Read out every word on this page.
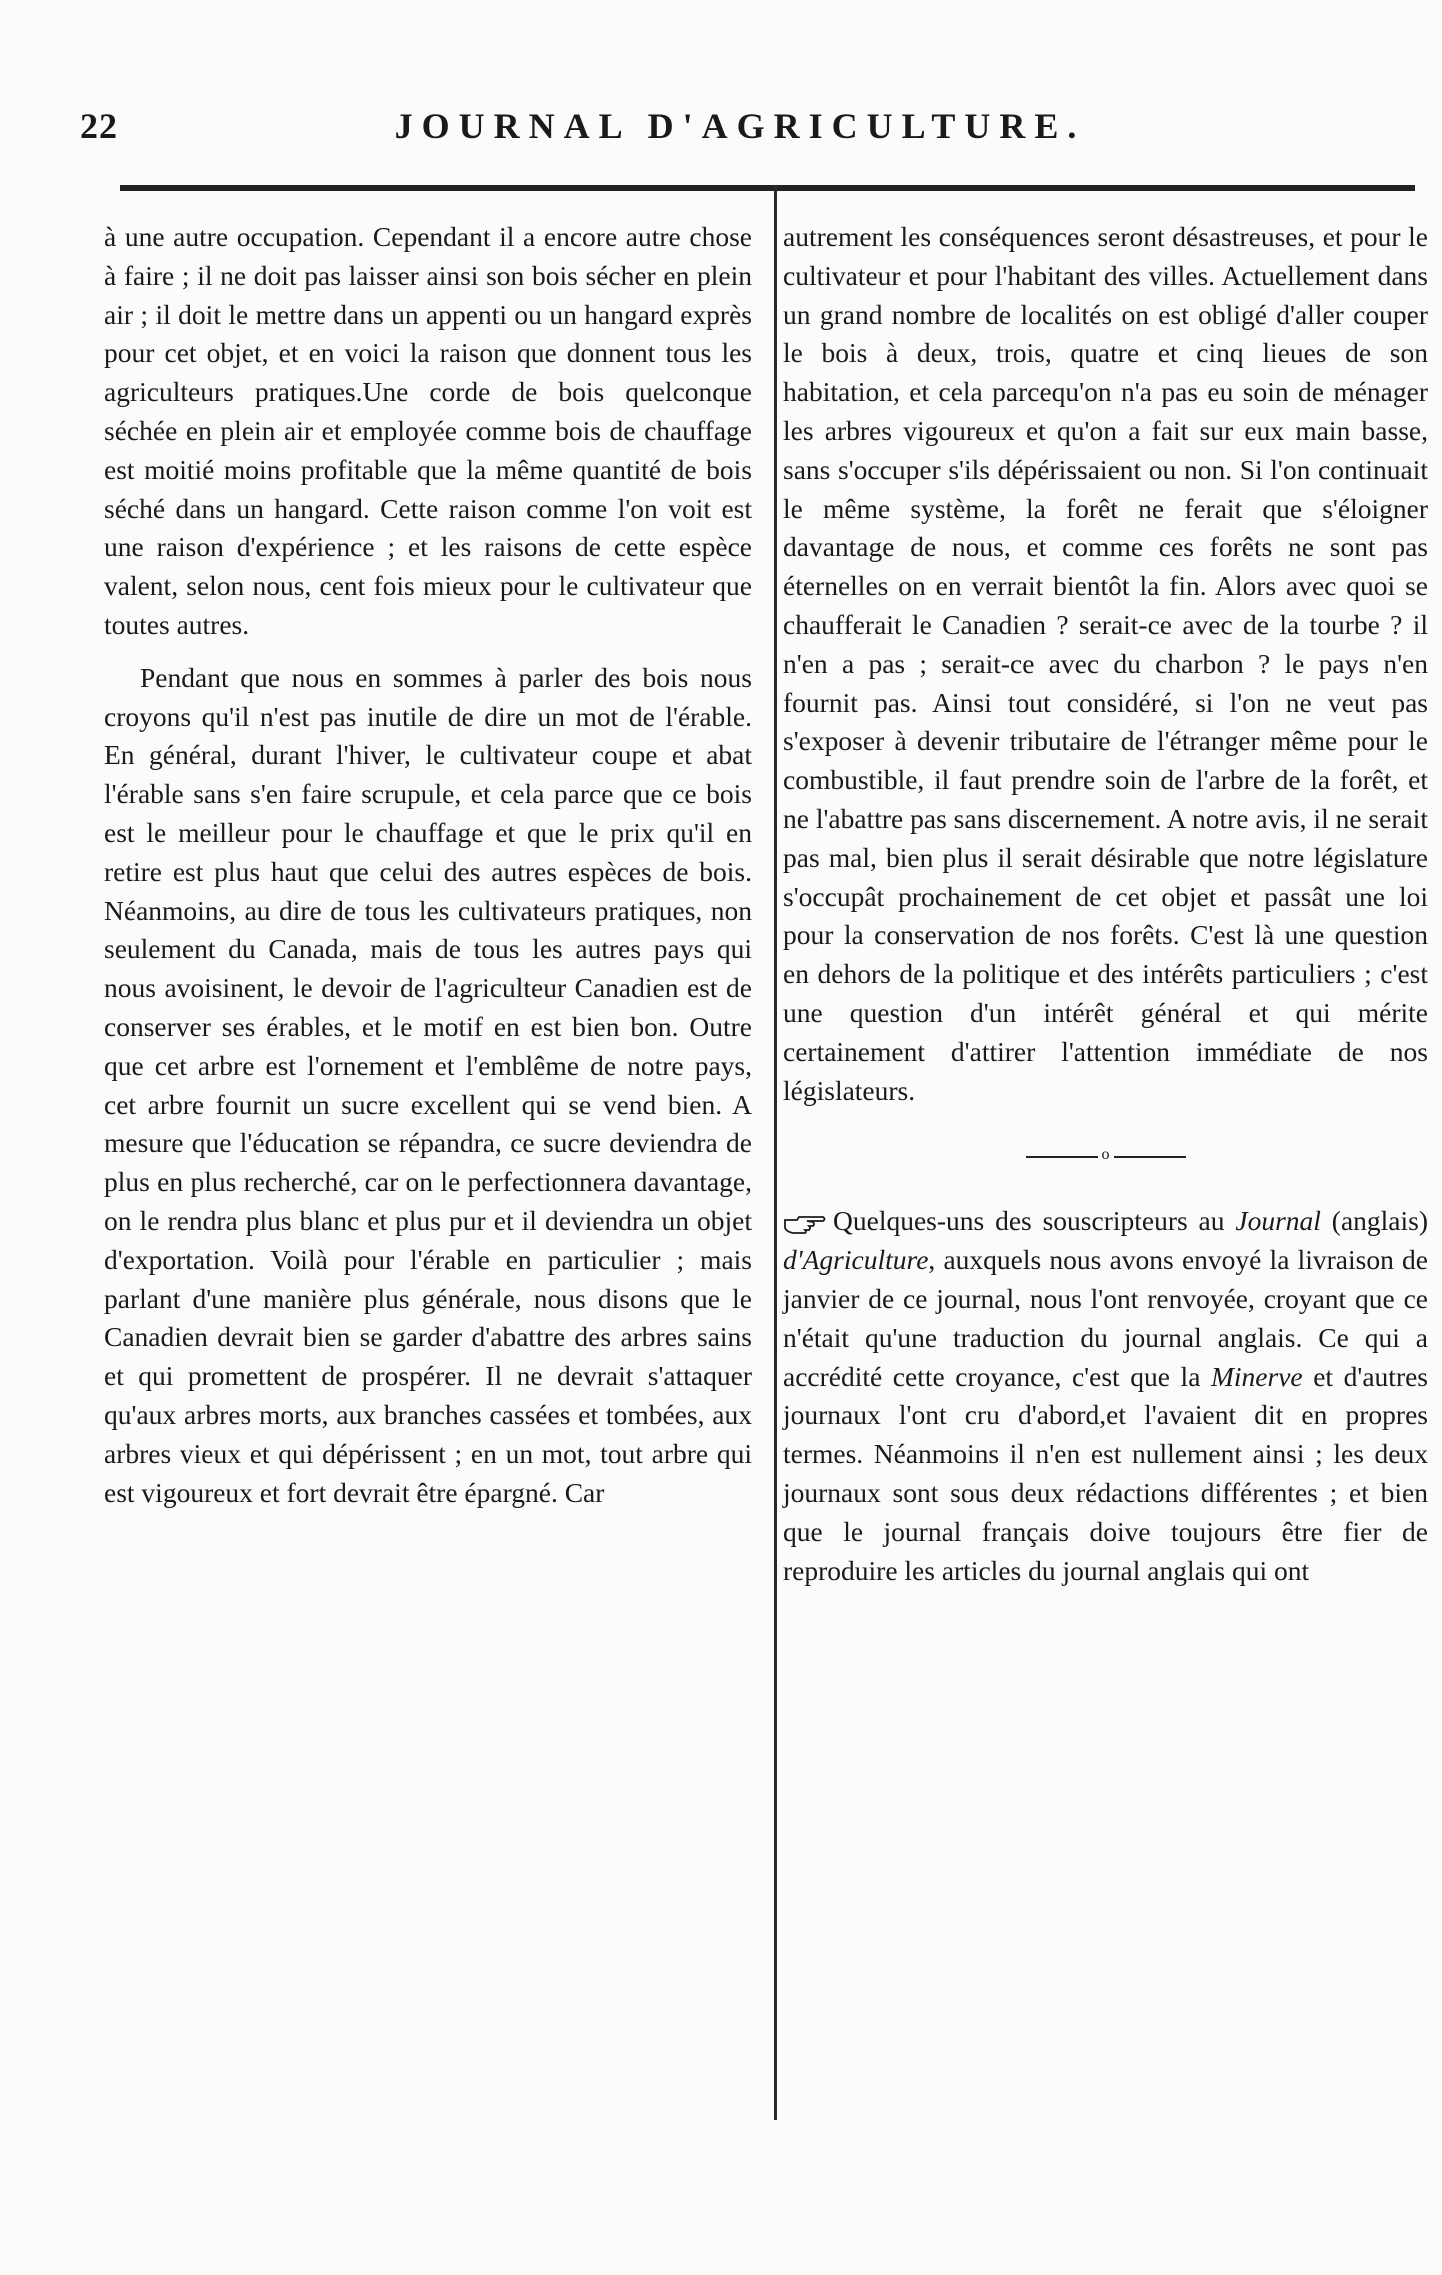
22	JOURNAL D'AGRICULTURE.

à une autre occupation. Cependant il a encore autre chose à faire ; il ne doit pas laisser ainsi son bois sécher en plein air ; il doit le mettre dans un appenti ou un hangard exprès pour cet objet, et en voici la raison que donnent tous les agriculteurs pratiques.Une corde de bois quelconque séchée en plein air et employée comme bois de chauffage est moitié moins profitable que la même quantité de bois séché dans un hangard. Cette raison comme l'on voit est une raison d'expérience ; et les raisons de cette espèce valent, selon nous, cent fois mieux pour le cultivateur que toutes autres.

Pendant que nous en sommes à parler des bois nous croyons qu'il n'est pas inutile de dire un mot de l'érable. En général, durant l'hiver, le cultivateur coupe et abat l'érable sans s'en faire scrupule, et cela parce que ce bois est le meilleur pour le chauffage et que le prix qu'il en retire est plus haut que celui des autres espèces de bois. Néanmoins, au dire de tous les cultivateurs pratiques, non seulement du Canada, mais de tous les autres pays qui nous avoisinent, le devoir de l'agriculteur Canadien est de conserver ses érables, et le motif en est bien bon. Outre que cet arbre est l'ornement et l'emblême de notre pays, cet arbre fournit un sucre excellent qui se vend bien. A mesure que l'éducation se répandra, ce sucre deviendra de plus en plus recherché, car on le perfectionnera davantage, on le rendra plus blanc et plus pur et il deviendra un objet d'exportation. Voilà pour l'érable en particulier ; mais parlant d'une manière plus générale, nous disons que le Canadien devrait bien se garder d'abattre des arbres sains et qui promettent de prospérer. Il ne devrait s'attaquer qu'aux arbres morts, aux branches cassées et tombées, aux arbres vieux et qui dépérissent ; en un mot, tout arbre qui est vigoureux et fort devrait être épargné. Car

autrement les conséquences seront désastreuses, et pour le cultivateur et pour l'habitant des villes. Actuellement dans un grand nombre de localités on est obligé d'aller couper le bois à deux, trois, quatre et cinq lieues de son habitation, et cela parcequ'on n'a pas eu soin de ménager les arbres vigoureux et qu'on a fait sur eux main basse, sans s'occuper s'ils dépérissaient ou non. Si l'on continuait le même système, la forêt ne ferait que s'éloigner davantage de nous, et comme ces forêts ne sont pas éternelles on en verrait bientôt la fin. Alors avec quoi se chaufferait le Canadien ? serait-ce avec de la tourbe ? il n'en a pas ; serait-ce avec du charbon ? le pays n'en fournit pas. Ainsi tout considéré, si l'on ne veut pas s'exposer à devenir tributaire de l'étranger même pour le combustible, il faut prendre soin de l'arbre de la forêt, et ne l'abattre pas sans discernement. A notre avis, il ne serait pas mal, bien plus il serait désirable que notre législature s'occupât prochainement de cet objet et passât une loi pour la conservation de nos forêts. C'est là une question en dehors de la politique et des intérêts particuliers ; c'est une question d'un intérêt général et qui mérite certainement d'attirer l'attention immédiate de nos législateurs.

o

Quelques-uns des souscripteurs au Journal (anglais) d'Agriculture, auxquels nous avons envoyé la livraison de janvier de ce journal, nous l'ont renvoyée, croyant que ce n'était qu'une traduction du journal anglais. Ce qui a accrédité cette croyance, c'est que la Minerve et d'autres journaux l'ont cru d'abord,et l'avaient dit en propres termes. Néanmoins il n'en est nullement ainsi ; les deux journaux sont sous deux rédactions différentes ; et bien que le journal français doive toujours être fier de reproduire les articles du journal anglais qui ont
